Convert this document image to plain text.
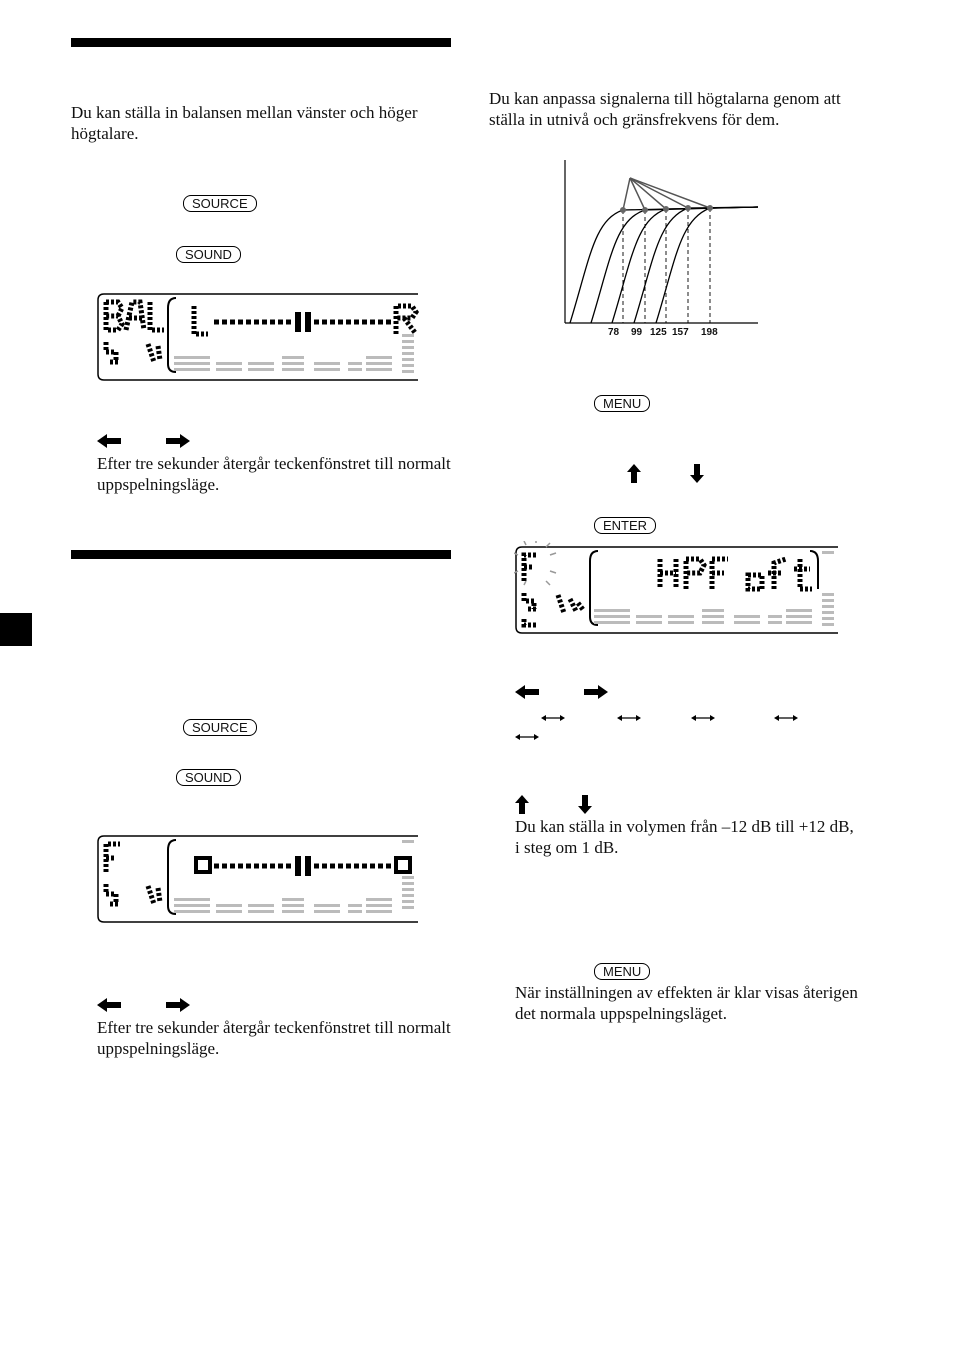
Du kan ställa in balansen mellan vänster och höger högtalare.
SOURCE
SOUND
Efter tre sekunder återgår teckenfönstret till normalt uppspelningsläge.
SOURCE
SOUND
Efter tre sekunder återgår teckenfönstret till normalt uppspelningsläge.
Du kan anpassa signalerna till högtalarna genom att ställa in utnivå och gränsfrekvens för dem.
78 99 125 157 198
MENU
ENTER
Du kan ställa in volymen från –12 dB till +12 dB, i steg om 1 dB.
MENU
När inställningen av effekten är klar visas återigen det normala uppspelningsläget.
